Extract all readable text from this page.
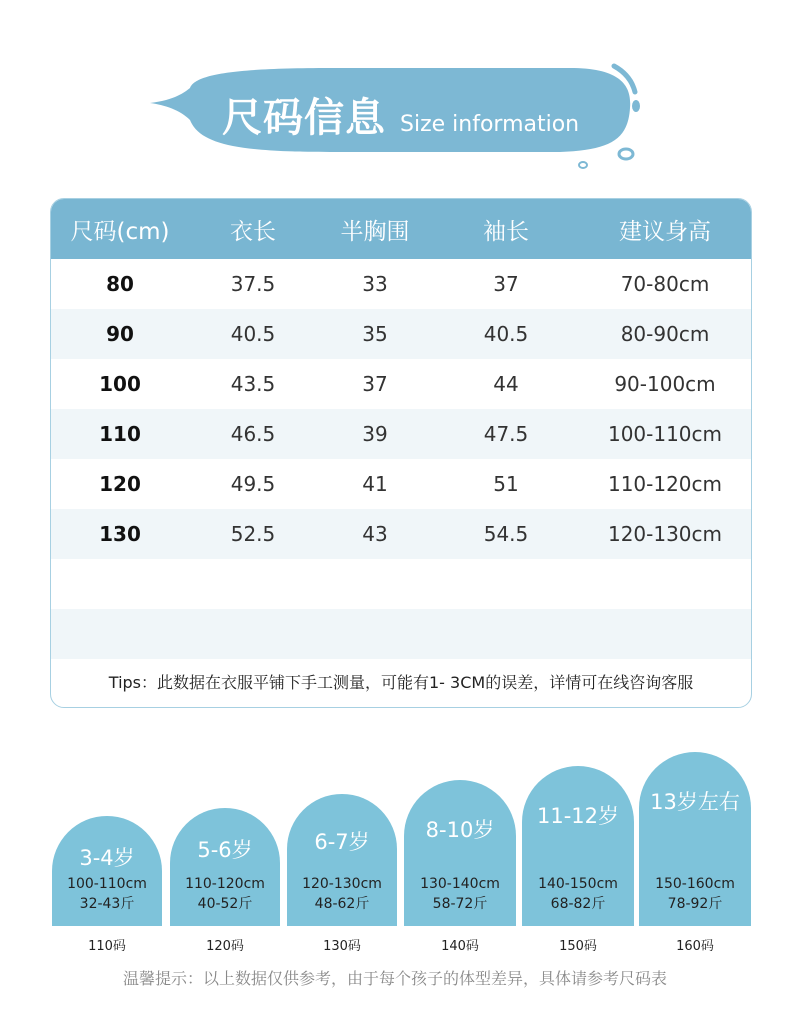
尺码信息 Size information
尺码(cm)	衣长	半胸围	袖长	建议身高
80	37.5	33	37	70-80cm
90	40.5	35	40.5	80-90cm
100	43.5	37	44	90-100cm
110	46.5	39	47.5	100-110cm
120	49.5	41	51	110-120cm
130	52.5	43	54.5	120-130cm
Tips：此数据在衣服平铺下手工测量，可能有1- 3CM的误差，详情可在线咨询客服
3-4岁
100-110cm
32-43斤
5-6岁
110-120cm
40-52斤
6-7岁
120-130cm
48-62斤
8-10岁
130-140cm
58-72斤
11-12岁
140-150cm
68-82斤
13岁左右
150-160cm
78-92斤
110码	120码	130码	140码	150码	160码
温馨提示：以上数据仅供参考，由于每个孩子的体型差异，具体请参考尺码表
